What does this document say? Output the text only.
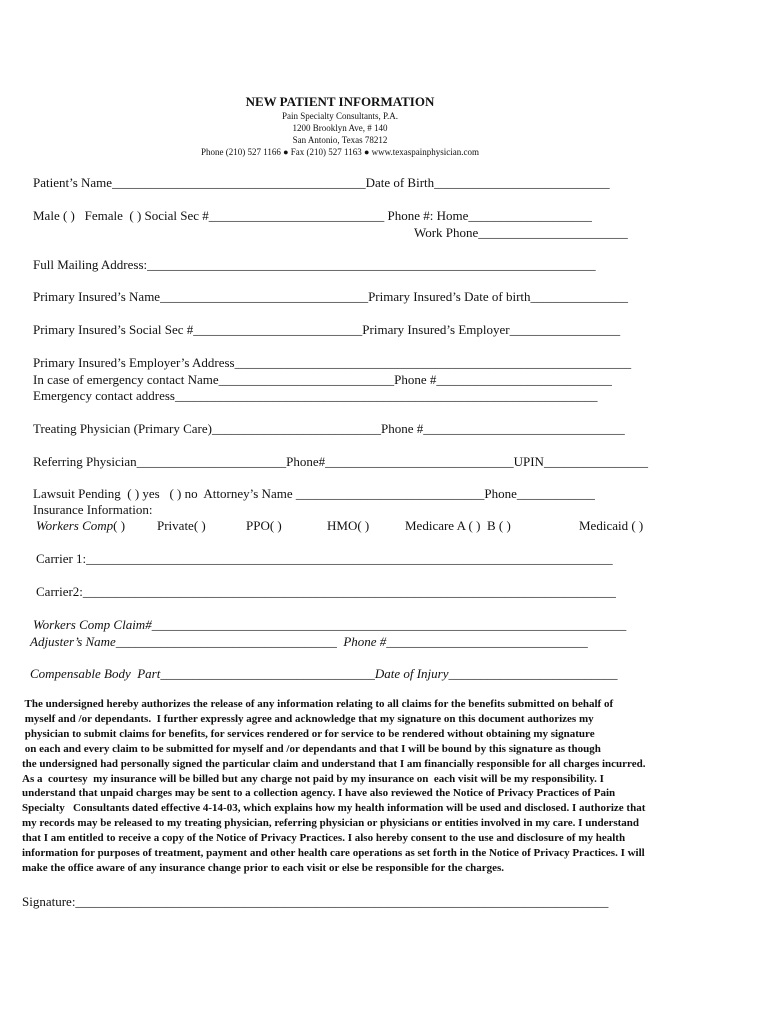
NEW PATIENT INFORMATION
Pain Specialty Consultants, P.A.
1200 Brooklyn Ave, # 140
San Antonio, Texas 78212
Phone (210) 527 1166 ● Fax (210) 527 1163 ● www.texaspainphysician.com
Patient’s Name_______________________________________Date of Birth___________________________
Male ( )   Female  ( ) Social Sec #___________________________ Phone #: Home___________________
Work Phone_______________________
Full Mailing Address:_____________________________________________________________________
Primary Insured’s Name________________________________Primary Insured’s Date of birth_______________
Primary Insured’s Social Sec #__________________________Primary Insured’s Employer_________________
Primary Insured’s Employer’s Address_____________________________________________________________
In case of emergency contact Name___________________________Phone #___________________________
Emergency contact address_________________________________________________________________
Treating Physician (Primary Care)__________________________Phone #_______________________________
Referring Physician_______________________Phone#_____________________________UPIN________________
Lawsuit Pending  ( ) yes   ( ) no  Attorney’s Name _____________________________Phone____________
Insurance Information:
Workers Comp( ) Private( )	PPO( )	HMO( )	Medicare A ( )  B ( )	Medicaid ( )
Carrier 1:_________________________________________________________________________________
Carrier2:__________________________________________________________________________________
Workers Comp Claim#_________________________________________________________________________
Adjuster’s Name__________________________________  Phone #_______________________________
Compensable Body  Part_________________________________Date of Injury__________________________
The undersigned hereby authorizes the release of any information relating to all claims for the benefits submitted on behalf of
myself and /or dependants.  I further expressly agree and acknowledge that my signature on this document authorizes my
physician to submit claims for benefits, for services rendered or for service to be rendered without obtaining my signature
on each and every claim to be submitted for myself and /or dependants and that I will be bound by this signature as though
the undersigned had personally signed the particular claim and understand that I am financially responsible for all charges incurred.
As a  courtesy  my insurance will be billed but any charge not paid by my insurance on  each visit will be my responsibility. I
understand that unpaid charges may be sent to a collection agency. I have also reviewed the Notice of Privacy Practices of Pain
Specialty   Consultants dated effective 4-14-03, which explains how my health information will be used and disclosed. I authorize that
my records may be released to my treating physician, referring physician or physicians or entities involved in my care. I understand
that I am entitled to receive a copy of the Notice of Privacy Practices. I also hereby consent to the use and disclosure of my health
information for purposes of treatment, payment and other health care operations as set forth in the Notice of Privacy Practices. I will
make the office aware of any insurance change prior to each visit or else be responsible for the charges.
Signature:__________________________________________________________________________________
